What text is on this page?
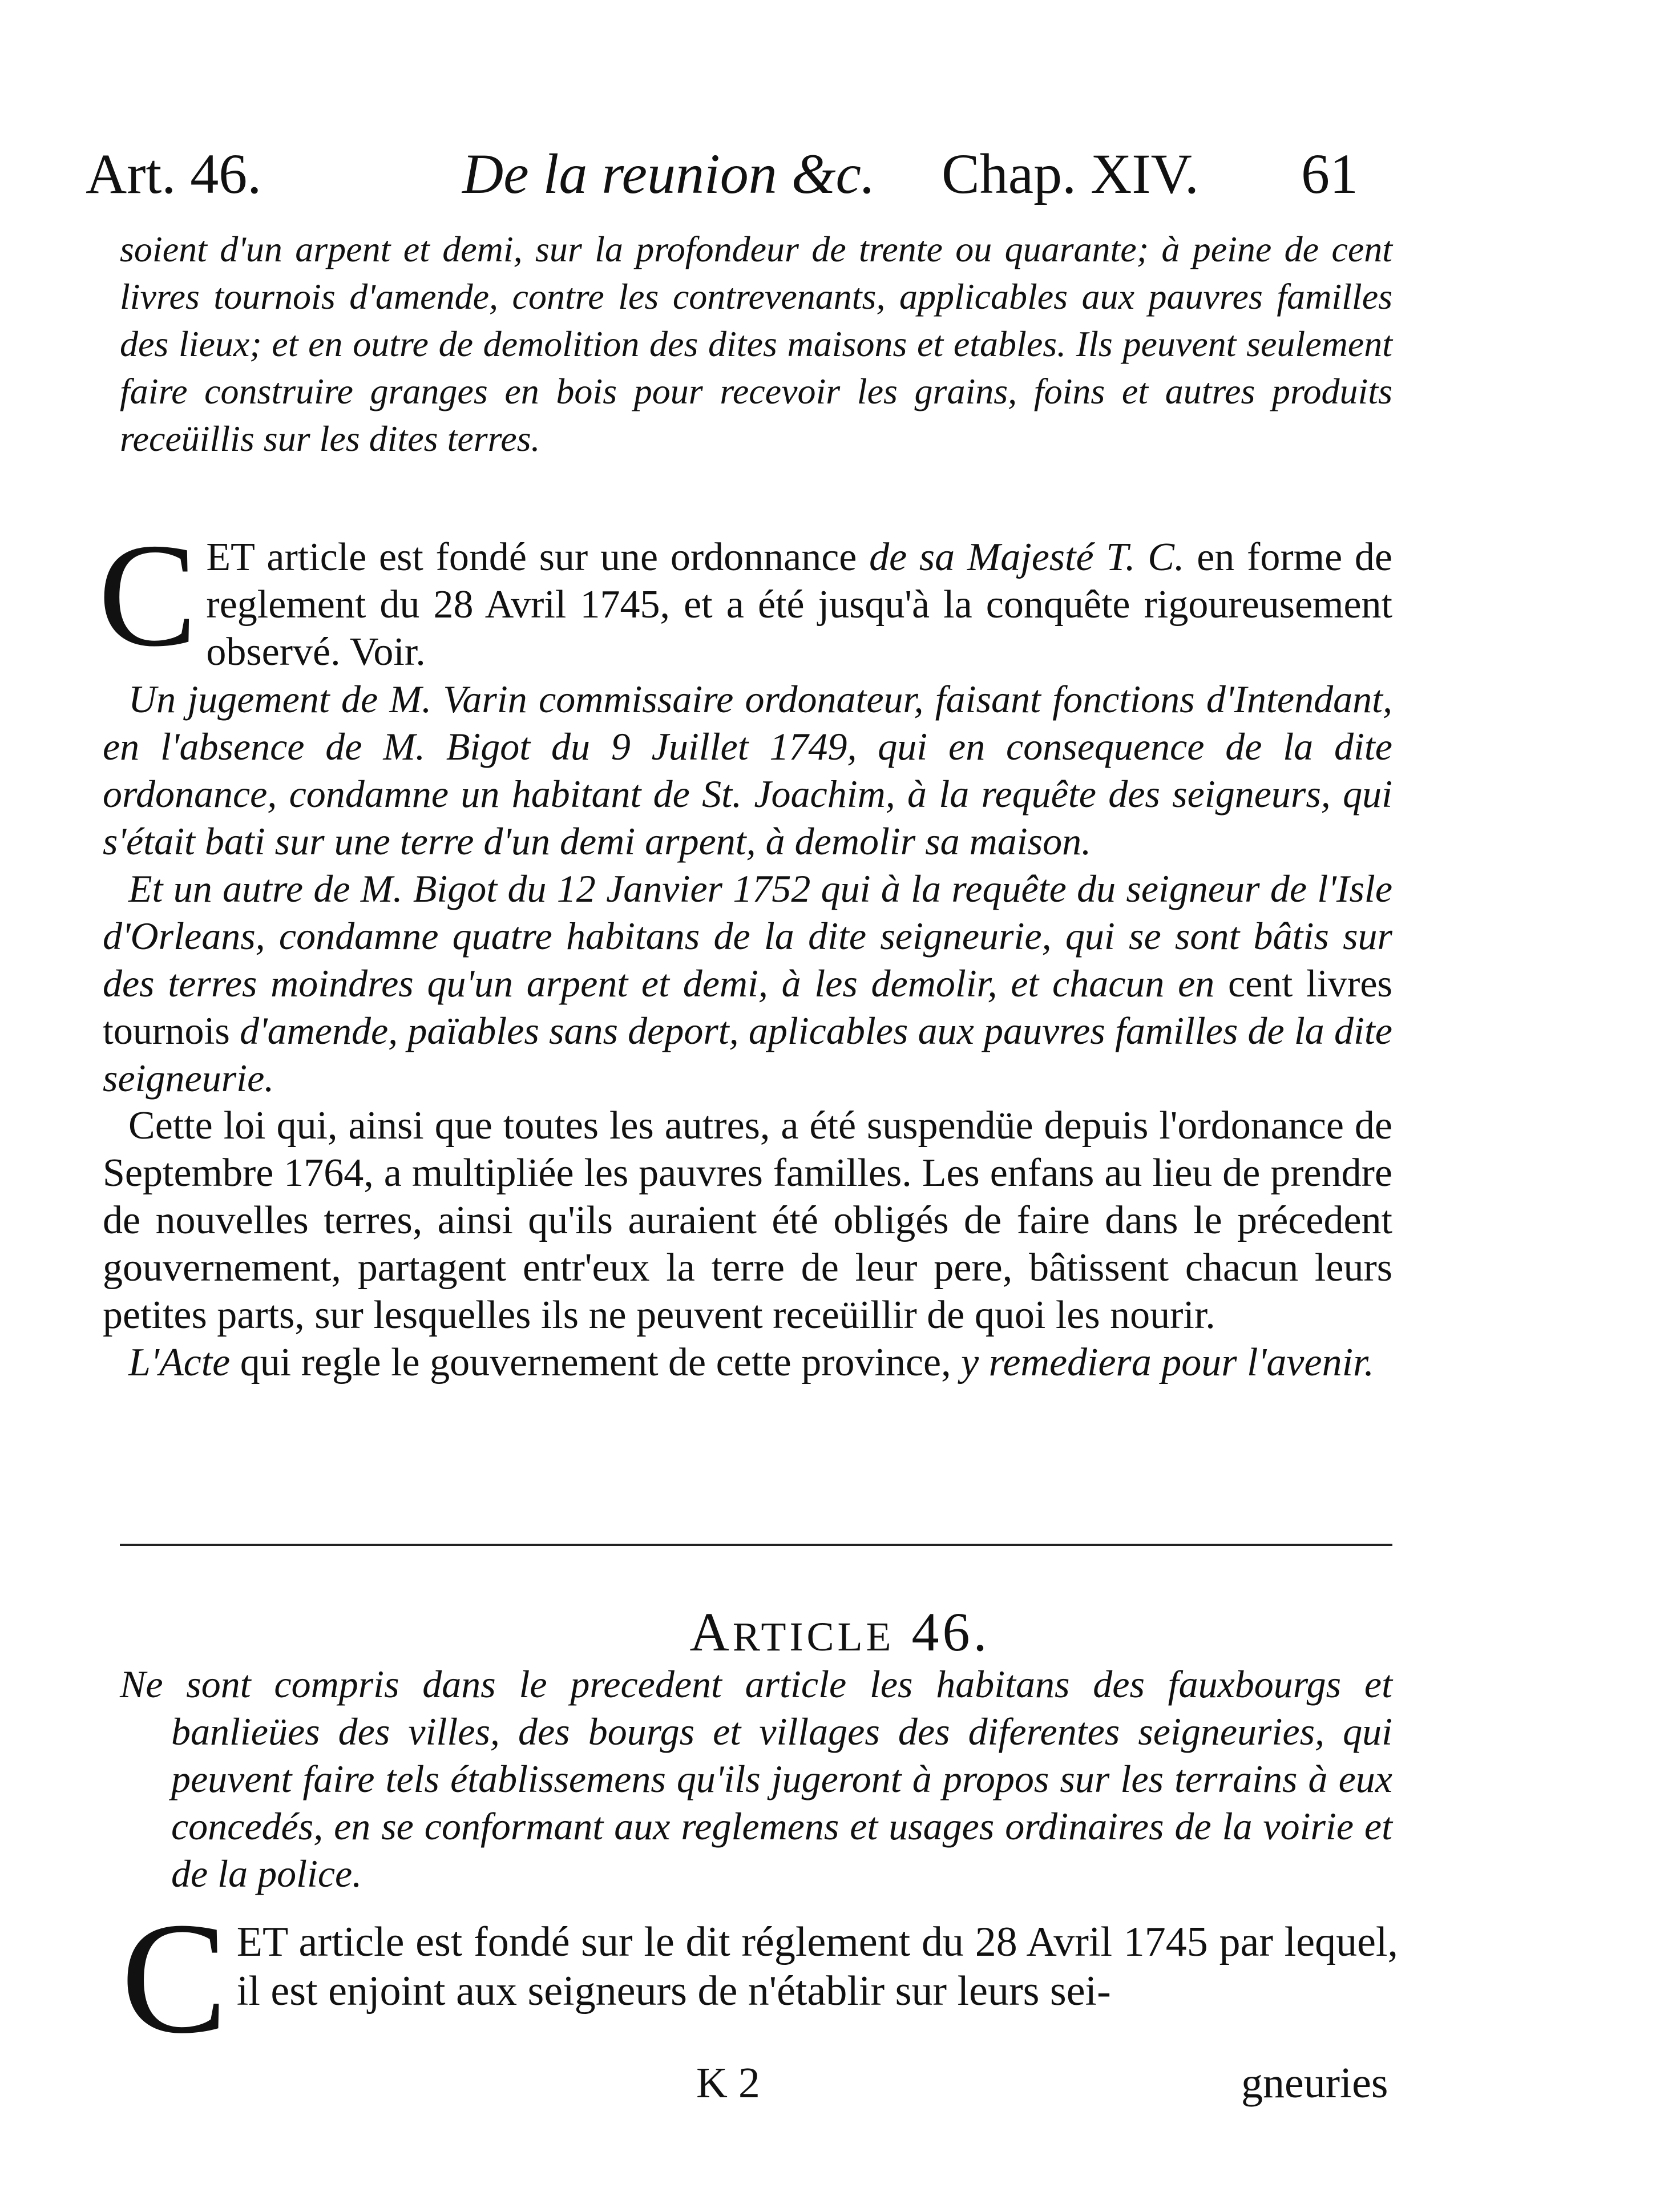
Art. 46.	De la reunion &c. Chap. XIV. 61

soient d'un arpent et demi, sur la profondeur de trente ou quarante; à peine de cent livres tournois d'amende, contre les contrevenants, applicables aux pauvres familles des lieux; et en outre de demolition des dites maisons et etables. Ils peuvent seulement faire construire granges en bois pour recevoir les grains, foins et autres produits receüillis sur les dites terres.

CET article est fondé sur une ordonnance de sa Majesté T. C. en forme de reglement du 28 Avril 1745, et a été jusqu'à la conquête rigoureusement observé. Voir.

Un jugement de M. Varin commissaire ordonateur, faisant fonctions d'Intendant, en l'absence de M. Bigot du 9 Juillet 1749, qui en consequence de la dite ordonance, condamne un habitant de St. Joachim, à la requête des seigneurs, qui s'était bati sur une terre d'un demi arpent, à demolir sa maison.

Et un autre de M. Bigot du 12 Janvier 1752 qui à la requête du seigneur de l'Isle d'Orleans, condamne quatre habitans de la dite seigneurie, qui se sont bâtis sur des terres moindres qu'un arpent et demi, à les demolir, et chacun en cent livres tournois d'amende, païables sans deport, aplicables aux pauvres familles de la dite seigneurie.

Cette loi qui, ainsi que toutes les autres, a été suspendüe depuis l'ordonance de Septembre 1764, a multipliée les pauvres familles. Les enfans au lieu de prendre de nouvelles terres, ainsi qu'ils auraient été obligés de faire dans le précedent gouvernement, partagent entr'eux la terre de leur pere, bâtissent chacun leurs petites parts, sur lesquelles ils ne peuvent receüillir de quoi les nourir.

L'Acte qui regle le gouvernement de cette province, y remediera pour l'avenir.

ARTICLE 46.

Ne sont compris dans le precedent article les habitans des fauxbourgs et banlieües des villes, des bourgs et villages des diferentes seigneuries, qui peuvent faire tels établissemens qu'ils jugeront à propos sur les terrains à eux concedés, en se conformant aux reglemens et usages ordinaires de la voirie et de la police.

CET article est fondé sur le dit réglement du 28 Avril 1745 par lequel, il est enjoint aux seigneurs de n'établir sur leurs sei-

K 2	gneuries
